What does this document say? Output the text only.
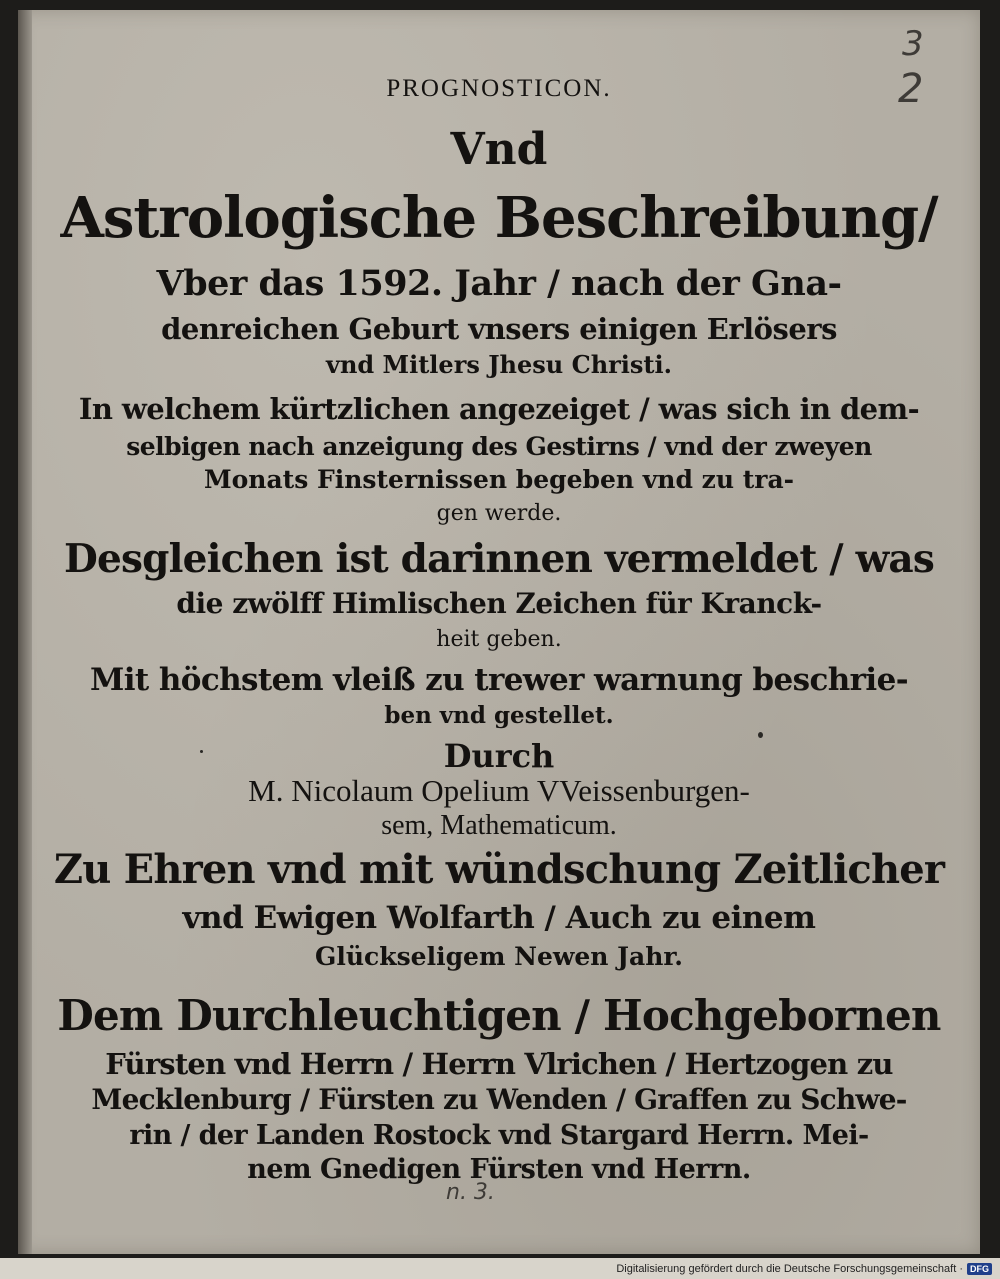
PROGNOSTICON.
Vnd
Astrologische Beschreibung/
Vber das 1592. Jahr / nach der Gna-
denreichen Geburt vnsers einigen Erlösers
vnd Mitlers Jhesu Christi.
In welchem kürtzlichen angezeiget / was sich in dem-
selbigen nach anzeigung des Gestirns / vnd der zweyen
Monats Finsternissen begeben vnd zu tra-
gen werde.
Desgleichen ist darinnen vermeldet / was
die zwölff Himlischen Zeichen für Kranck-
heit geben.
Mit höchstem vleiß zu trewer warnung beschrie-
ben vnd gestellet.
Durch
M. Nicolaum Opelium VVeissenburgen-
sem, Mathematicum.
Zu Ehren vnd mit wündschung Zeitlicher
vnd Ewigen Wolfarth / Auch zu einem
Glückseligem Newen Jahr.
Dem Durchleuchtigen / Hochgebornen
Fürsten vnd Herrn / Herrn Vlrichen / Hertzogen zu
Mecklenburg / Fürsten zu Wenden / Graffen zu Schwe-
rin / der Landen Rostock vnd Stargard Herrn. Mei-
nem Gnedigen Fürsten vnd Herrn.
3
2
n. 3.
Digitalisierung gefördert durch die Deutsche Forschungsgemeinschaft · DFG
